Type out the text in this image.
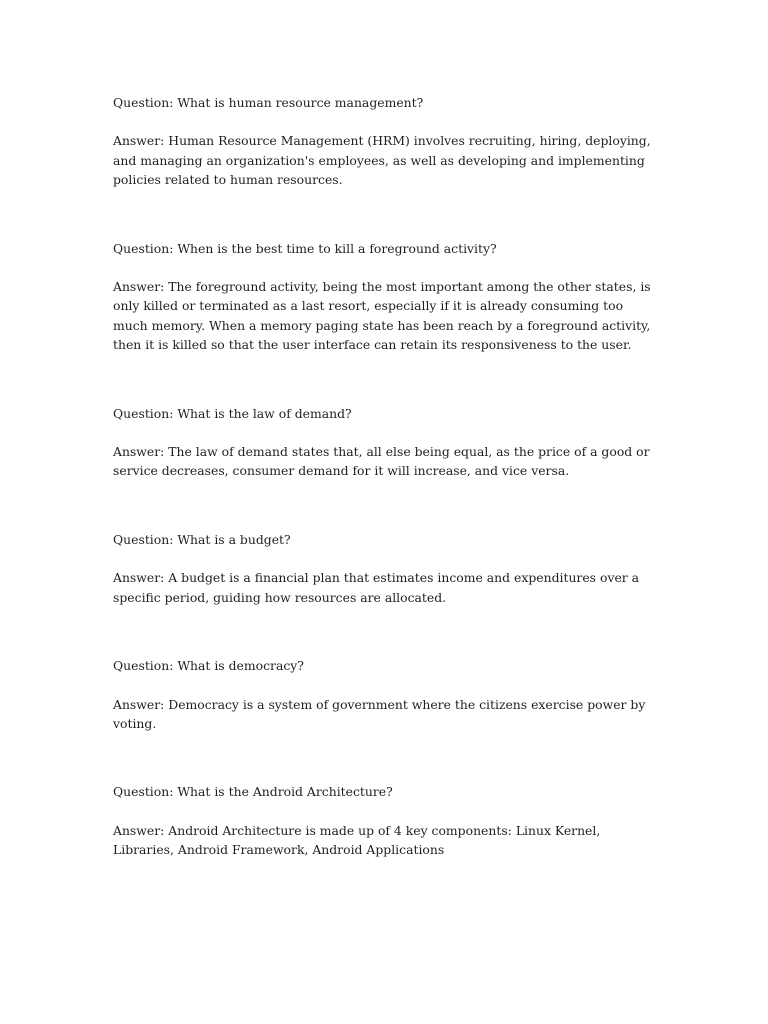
Question: What is human resource management?

Answer: Human Resource Management (HRM) involves recruiting, hiring, deploying, and managing an organization's employees, as well as developing and implementing policies related to human resources.

Question: When is the best time to kill a foreground activity?

Answer: The foreground activity, being the most important among the other states, is only killed or terminated as a last resort, especially if it is already consuming too much memory. When a memory paging state has been reach by a foreground activity, then it is killed so that the user interface can retain its responsiveness to the user.

Question: What is the law of demand?

Answer: The law of demand states that, all else being equal, as the price of a good or service decreases, consumer demand for it will increase, and vice versa.

Question: What is a budget?

Answer: A budget is a financial plan that estimates income and expenditures over a specific period, guiding how resources are allocated.

Question: What is democracy?

Answer: Democracy is a system of government where the citizens exercise power by voting.

Question: What is the Android Architecture?

Answer: Android Architecture is made up of 4 key components: Linux Kernel, Libraries, Android Framework, Android Applications
